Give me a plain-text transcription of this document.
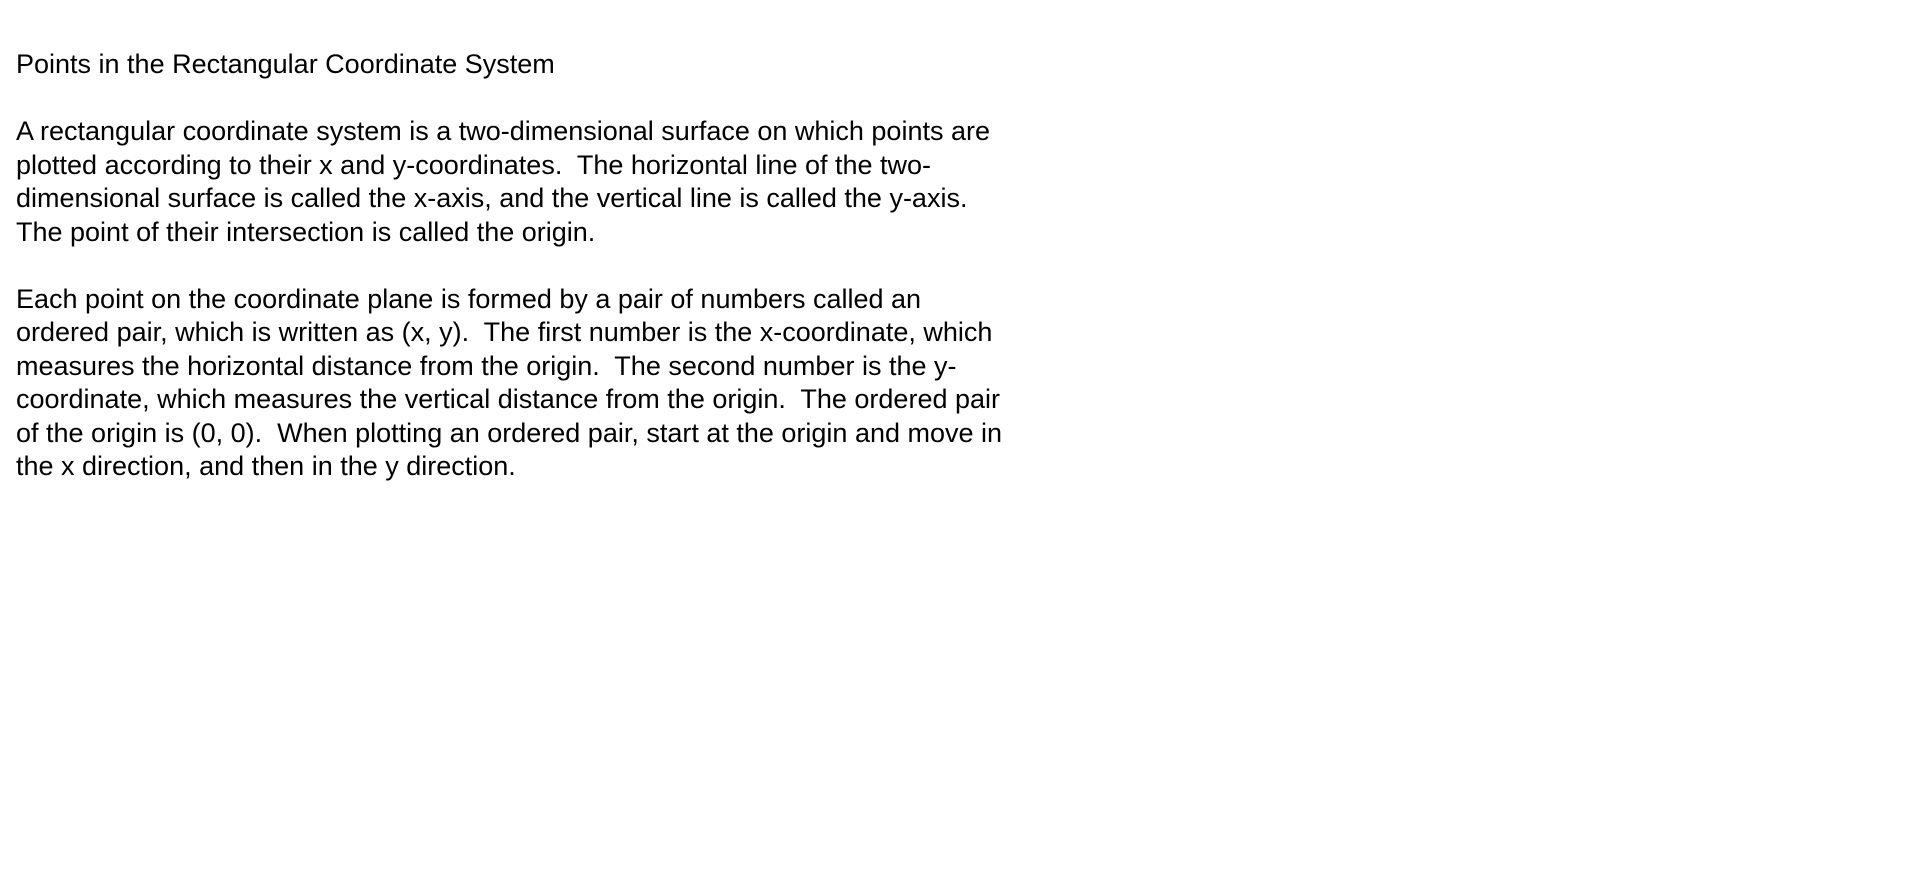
Points in the Rectangular Coordinate System

A rectangular coordinate system is a two-dimensional surface on which points are

plotted according to their x and y-coordinates.  The horizontal line of the two-

dimensional surface is called the x-axis, and the vertical line is called the y-axis.

The point of their intersection is called the origin.

Each point on the coordinate plane is formed by a pair of numbers called an

ordered pair, which is written as (x, y).  The first number is the x-coordinate, which

measures the horizontal distance from the origin.  The second number is the y-

coordinate, which measures the vertical distance from the origin.  The ordered pair

of the origin is (0, 0).  When plotting an ordered pair, start at the origin and move in

the x direction, and then in the y direction.
